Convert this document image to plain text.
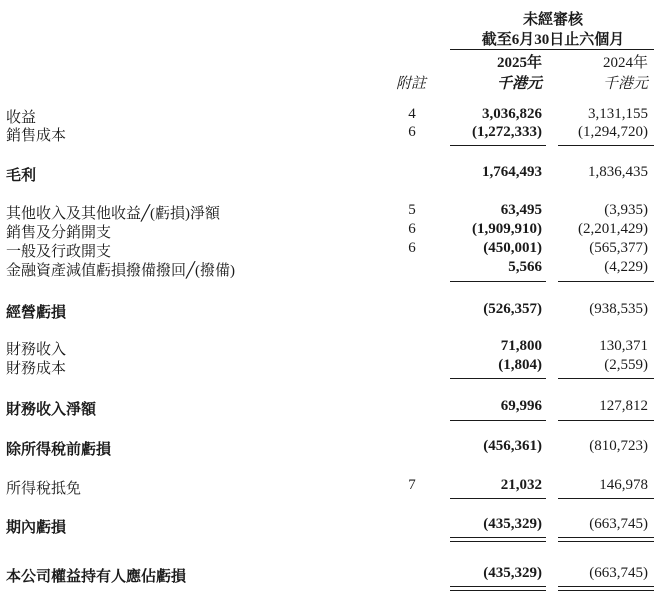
未經審核
截至6月30日止六個月
2025年	2024年
附註	千港元	千港元
收益	4	3,036,826	3,131,155
銷售成本	6	(1,272,333) (1,294,720)
毛利	1,764,493	1,836,435
其他收入及其他收益╱(虧損)淨額	5	63,495	(3,935)
銷售及分銷開支	6	(1,909,910) (2,201,429)
一般及行政開支	6	(450,001)	(565,377)
金融資產減值虧損撥備撥回╱(撥備)	5,566	(4,229)
經營虧損	(526,357)	(938,535)
財務收入	71,800	130,371
財務成本	(1,804)	(2,559)
財務收入淨額	69,996	127,812
除所得稅前虧損	(456,361)	(810,723)
所得稅抵免	7	21,032	146,978
期內虧損	(435,329)	(663,745)
本公司權益持有人應佔虧損	(435,329)	(663,745)
